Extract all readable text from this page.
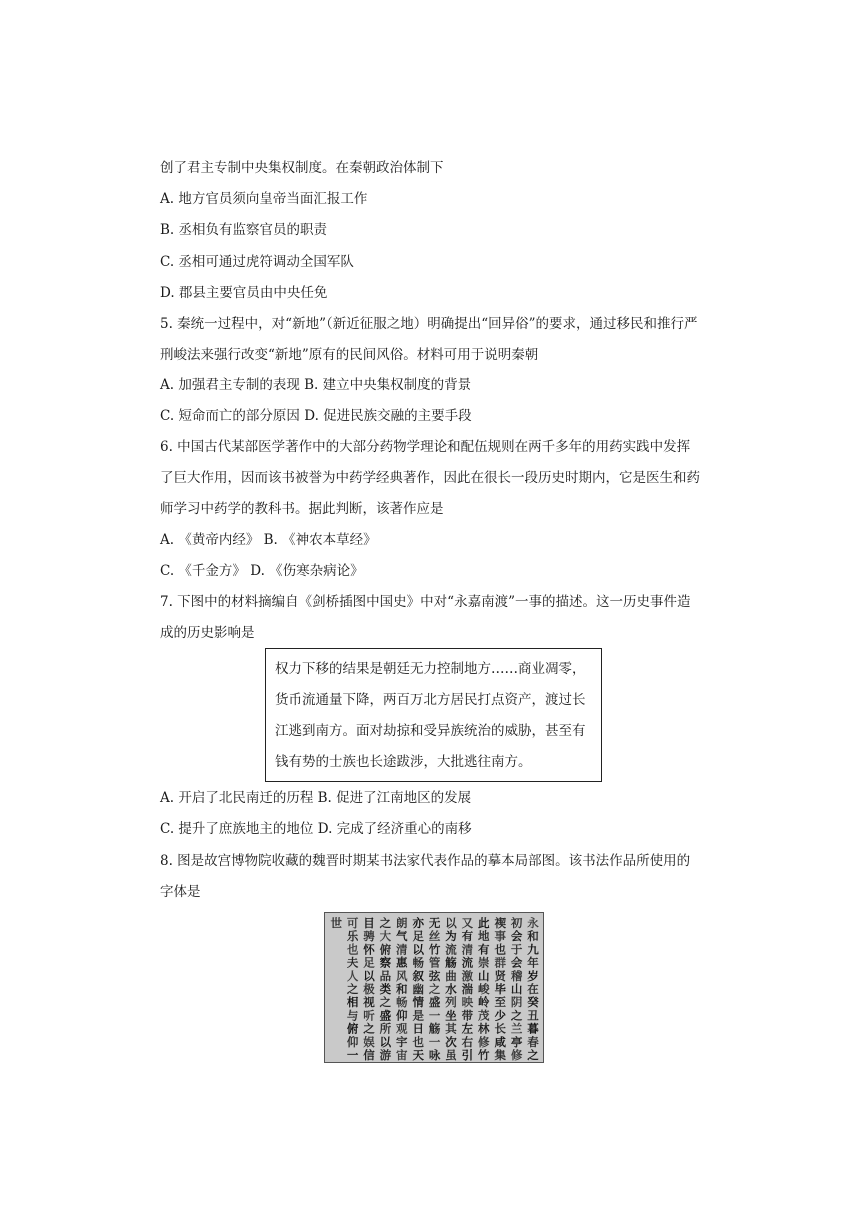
创了君主专制中央集权制度。在秦朝政治体制下
A. 地方官员须向皇帝当面汇报工作
B. 丞相负有监察官员的职责
C. 丞相可通过虎符调动全国军队
D. 郡县主要官员由中央任免
5. 秦统一过程中，对“新地”（新近征服之地）明确提出“回异俗”的要求，通过移民和推行严
刑峻法来强行改变“新地”原有的民间风俗。材料可用于说明秦朝
A. 加强君主专制的表现 B. 建立中央集权制度的背景
C. 短命而亡的部分原因 D. 促进民族交融的主要手段
6. 中国古代某部医学著作中的大部分药物学理论和配伍规则在两千多年的用药实践中发挥
了巨大作用，因而该书被誉为中药学经典著作，因此在很长一段历史时期内，它是医生和药
师学习中药学的教科书。据此判断，该著作应是
A. 《黄帝内经》 B. 《神农本草经》
C. 《千金方》 D. 《伤寒杂病论》
7. 下图中的材料摘编自《剑桥插图中国史》中对“永嘉南渡”一事的描述。这一历史事件造
成的历史影响是
权力下移的结果是朝廷无力控制地方……商业凋零，
货币流通量下降，两百万北方居民打点资产，渡过长
江逃到南方。面对劫掠和受异族统治的威胁，甚至有
钱有势的士族也长途跋涉，大批逃往南方。
A. 开启了北民南迁的历程 B. 促进了江南地区的发展
C. 提升了庶族地主的地位 D. 完成了经济重心的南移
8. 图是故宫博物院收藏的魏晋时期某书法家代表作品的摹本局部图。该书法作品所使用的
字体是
永
和
九
年
岁
在
癸
丑
暮
春
之
初
会
于
会
稽
山
阴
之
兰
亭
修
禊
事
也
群
贤
毕
至
少
长
咸
集
此
地
有
崇
山
峻
岭
茂
林
修
竹
又
有
清
流
激
湍
映
带
左
右
引
以
为
流
觞
曲
水
列
坐
其
次
虽
无
丝
竹
管
弦
之
盛
一
觞
一
咏
亦
足
以
畅
叙
幽
情
是
日
也
天
朗
气
清
惠
风
和
畅
仰
观
宇
宙
之
大
俯
察
品
类
之
盛
所
以
游
目
骋
怀
足
以
极
视
听
之
娱
信
可
乐
也
夫
人
之
相
与
俯
仰
一
世
